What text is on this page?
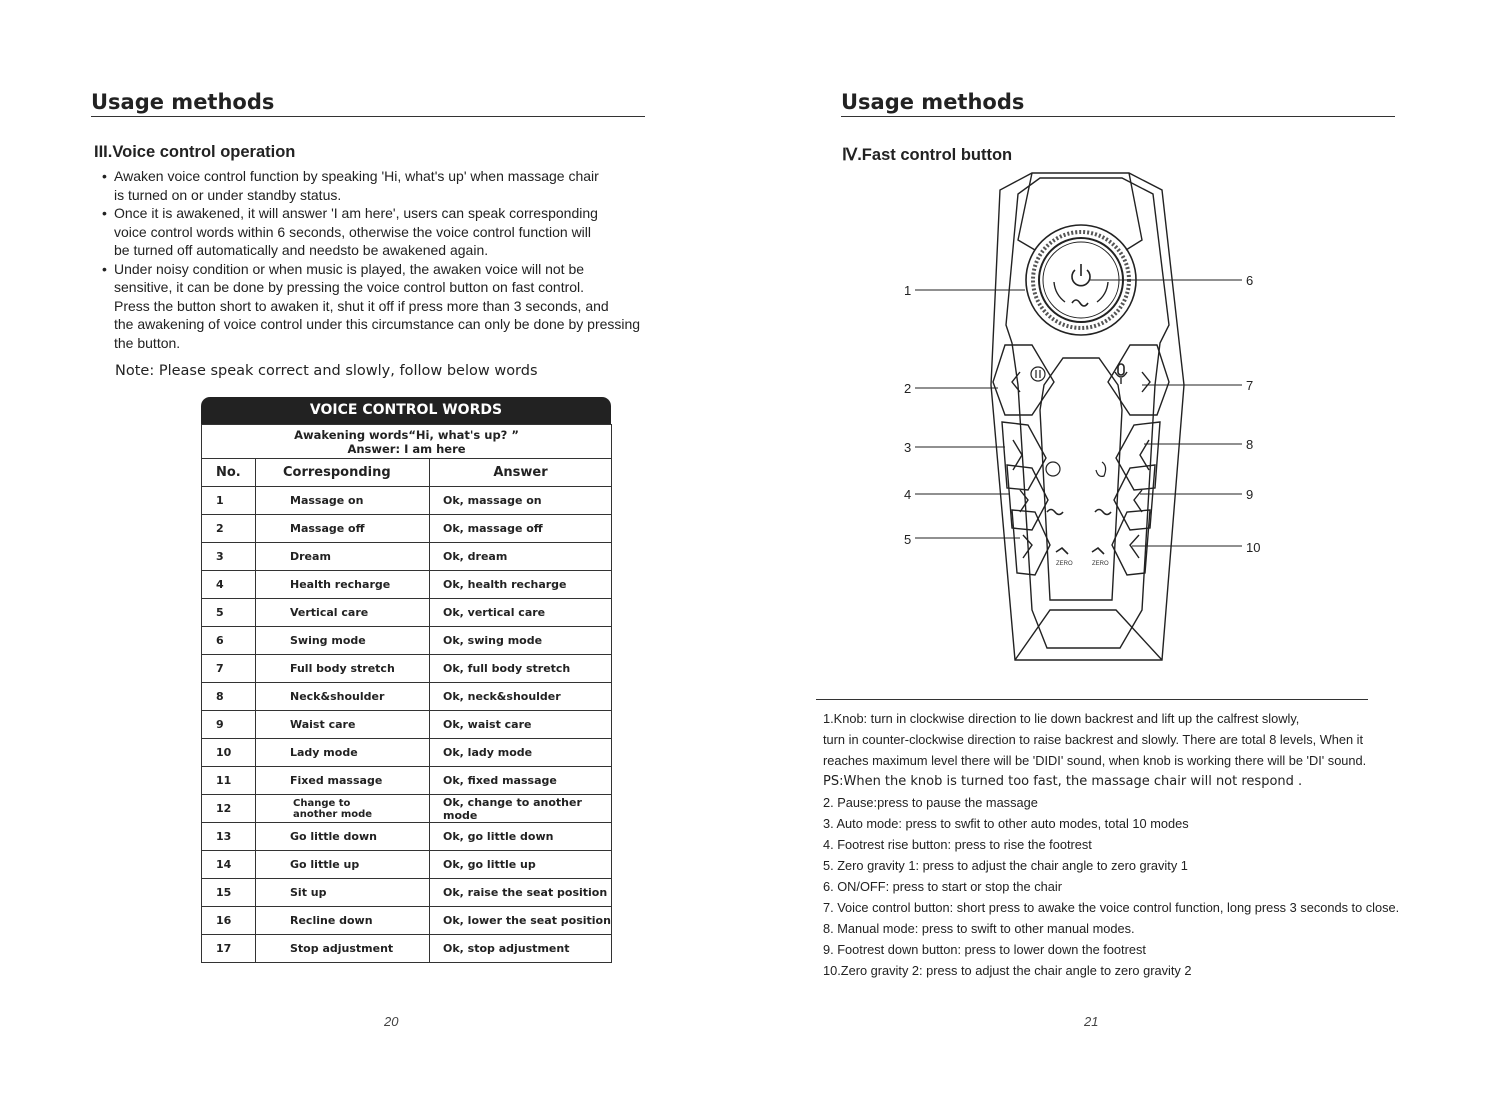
Usage methods
III.Voice control operation
• Awaken voice control function by speaking 'Hi, what's up' when massage chair
is turned on or under standby status.
• Once it is awakened, it will answer 'I am here', users can speak corresponding
voice control words within 6 seconds, otherwise the voice control function will
be turned off automatically and needsto be awakened again.
• Under noisy condition or when music is played, the awaken voice will not be
sensitive, it can be done by pressing the voice control button on fast control.
Press the button short to awaken it, shut it off if press more than 3 seconds, and
the awakening of voice control under this circumstance can only be done by pressing
the button.

Note: Please speak correct and slowly, follow below words

VOICE CONTROL WORDS
Awakening words“Hi, what's up? ”
Answer: I am here		
No.	Corresponding	Answer
1	Massage on	Ok, massage on
2	Massage off	Ok, massage off
3	Dream	Ok, dream
4	Health recharge	Ok, health recharge
5	Vertical care	Ok, vertical care
6	Swing mode	Ok, swing mode
7	Full body stretch	Ok, full body stretch
8	Neck&shoulder	Ok, neck&shoulder
9	Waist care	Ok, waist care
10	Lady mode	Ok, lady mode
11	Fixed massage	Ok, fixed massage
12	Change to
another mode	Ok, change to another mode
13	Go little down	Ok, go little down
14	Go little up	Ok, go little up
15	Sit up	Ok, raise the seat position
16	Recline down	Ok, lower the seat position
17	Stop adjustment	Ok, stop adjustment

20

Usage methods
Ⅳ.Fast control button
ZERO	ZERO
1
2
3
4
5
6
7
8
9
10
1.Knob: turn in clockwise direction to lie down backrest and lift up the calfrest slowly,
turn in counter-clockwise direction to raise backrest and slowly. There are total 8 levels, When it
reaches maximum level there will be 'DIDI' sound, when knob is working there will be 'DI' sound.
PS:When the knob is turned too fast, the massage chair will not respond .
2. Pause:press to pause the massage
3. Auto mode: press to swfit to other auto modes, total 10 modes
4. Footrest rise button: press to rise the footrest
5. Zero gravity 1: press to adjust the chair angle to zero gravity 1
6. ON/OFF: press to start or stop the chair
7. Voice control button: short press to awake the voice control function, long press 3 seconds to close.
8. Manual mode: press to swift to other manual modes.
9. Footrest down button: press to lower down the footrest
10.Zero gravity 2: press to adjust the chair angle to zero gravity 2

21
